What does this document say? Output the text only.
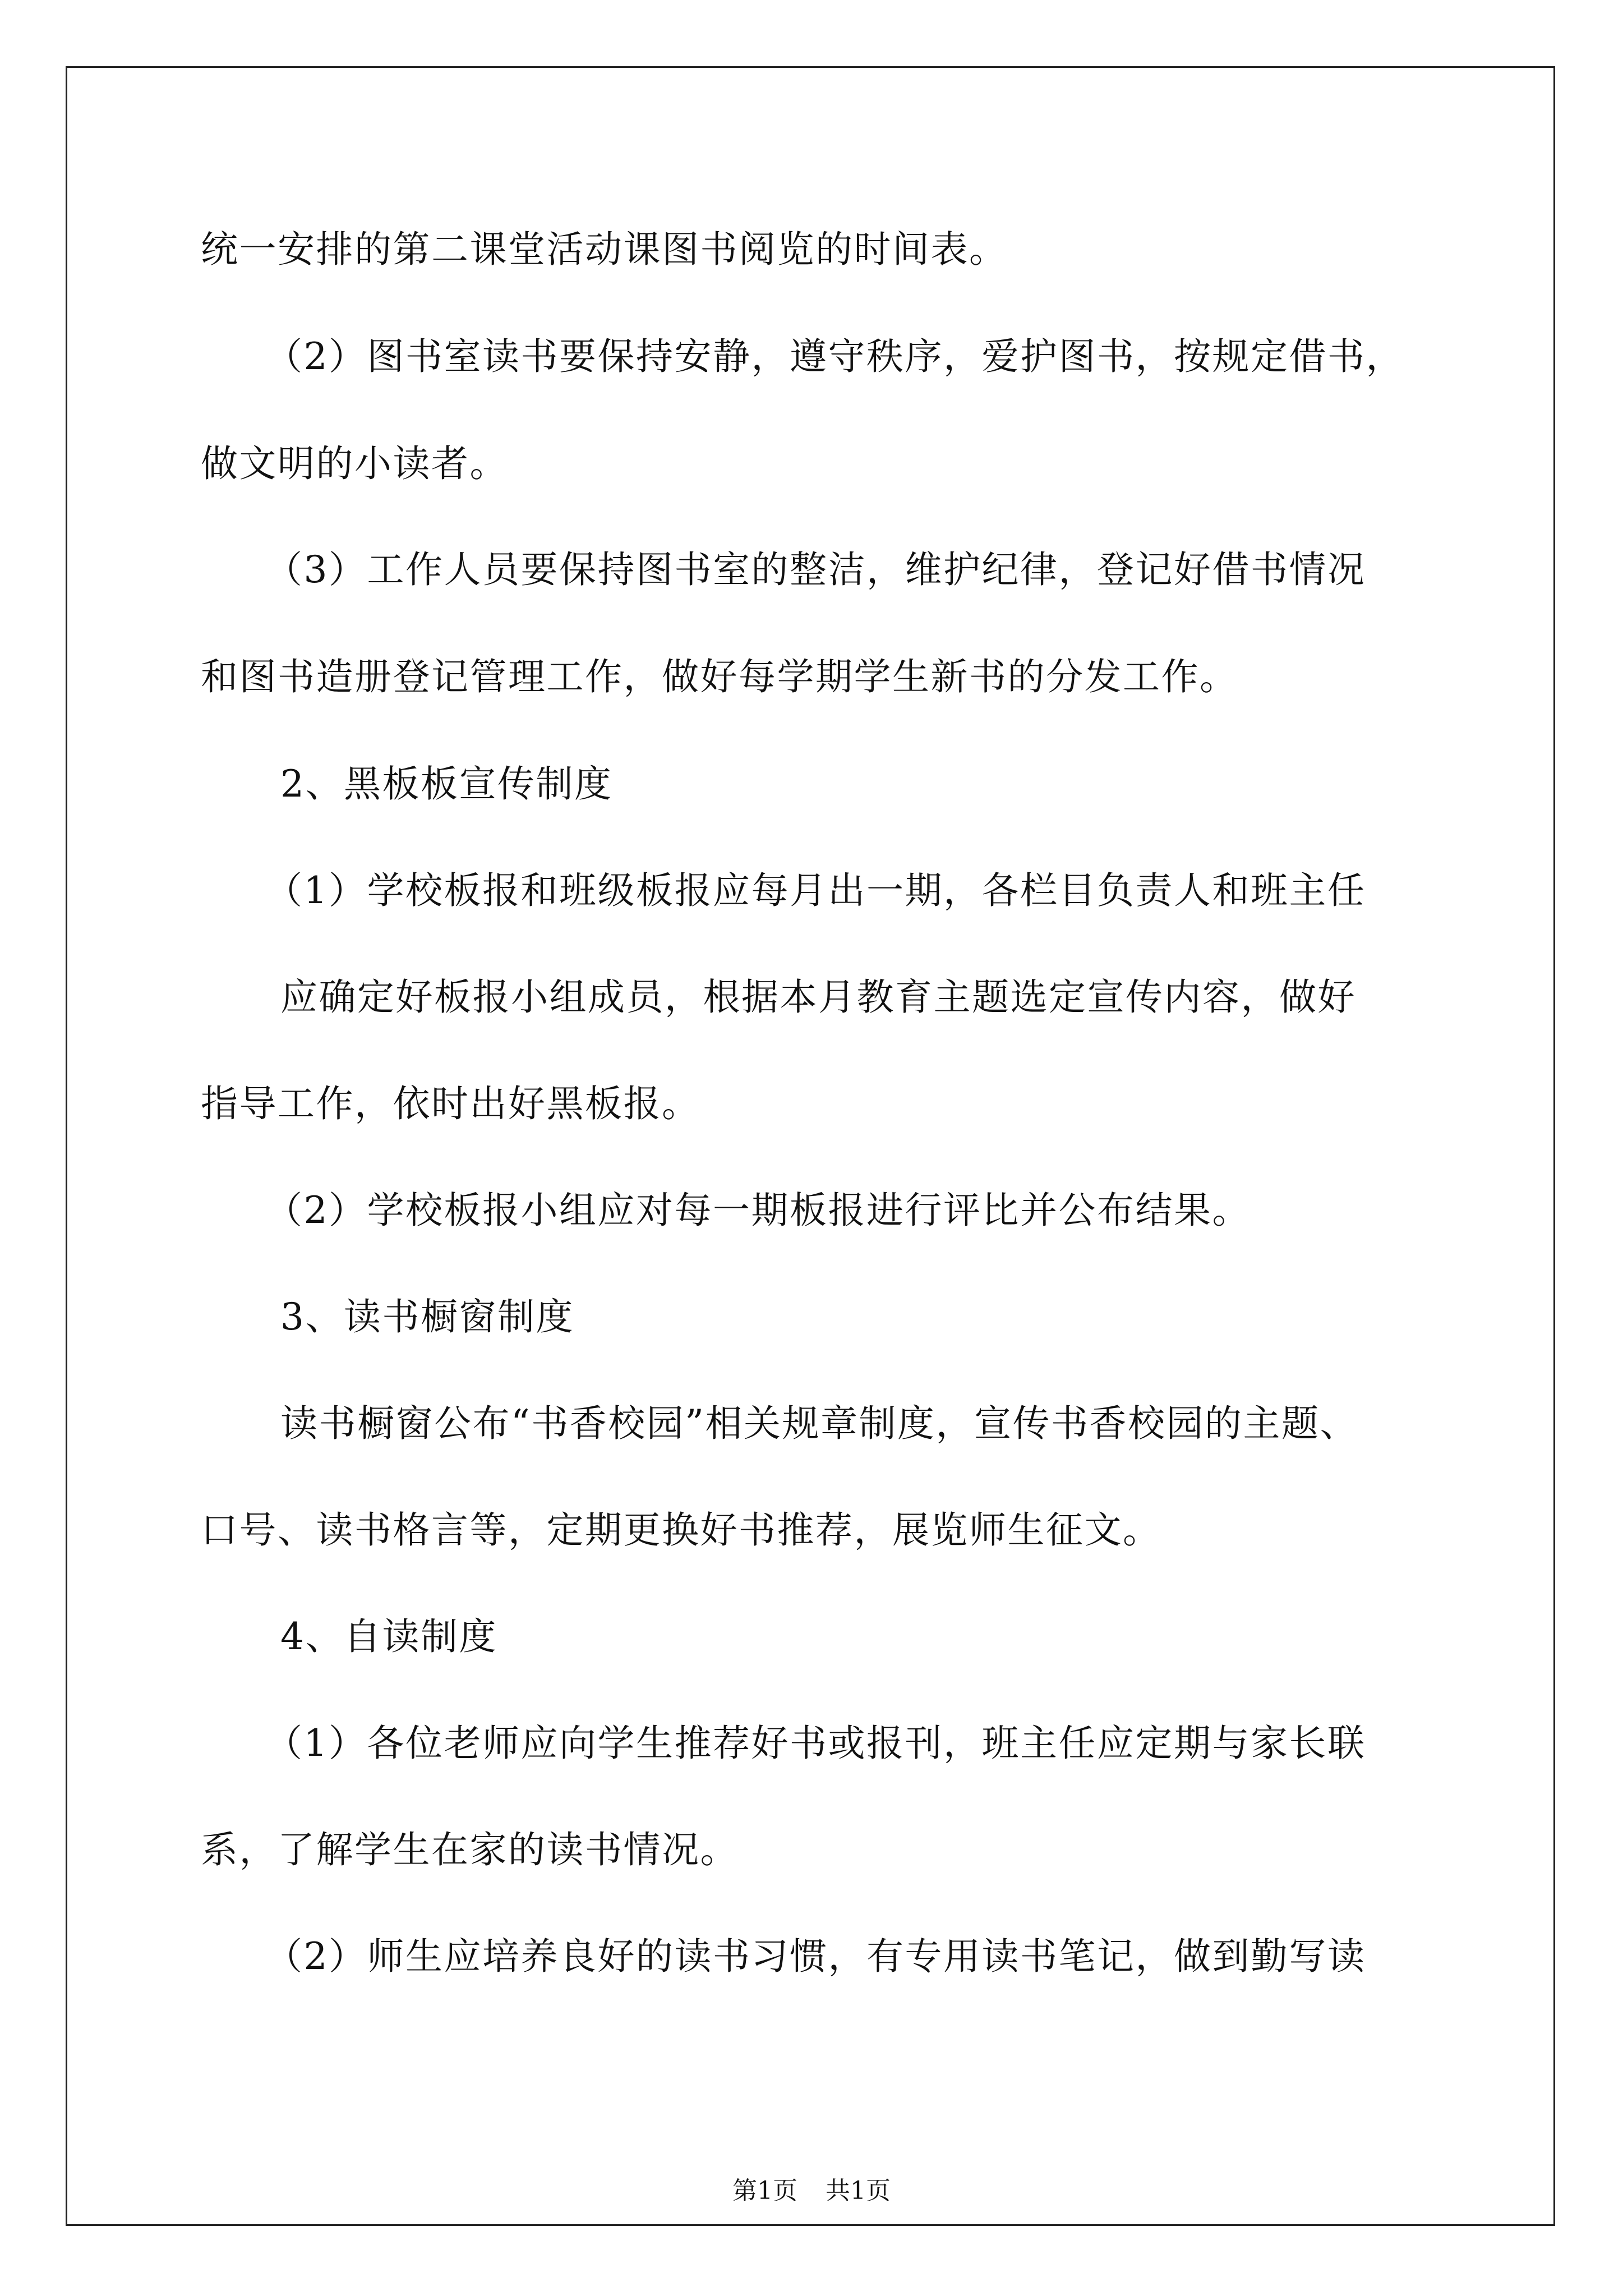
统一安排的第二课堂活动课图书阅览的时间表。
（2）图书室读书要保持安静，遵守秩序，爱护图书，按规定借书，
做文明的小读者。
（3）工作人员要保持图书室的整洁，维护纪律，登记好借书情况
和图书造册登记管理工作，做好每学期学生新书的分发工作。
2、黑板板宣传制度
（1）学校板报和班级板报应每月出一期，各栏目负责人和班主任
应确定好板报小组成员，根据本月教育主题选定宣传内容，做好
指导工作，依时出好黑板报。
（2）学校板报小组应对每一期板报进行评比并公布结果。
3、读书橱窗制度
读书橱窗公布“书香校园”相关规章制度，宣传书香校园的主题、
口号、读书格言等，定期更换好书推荐，展览师生征文。
4、自读制度
（1）各位老师应向学生推荐好书或报刊，班主任应定期与家长联
系，了解学生在家的读书情况。
（2）师生应培养良好的读书习惯，有专用读书笔记，做到勤写读
第1页 共1页
